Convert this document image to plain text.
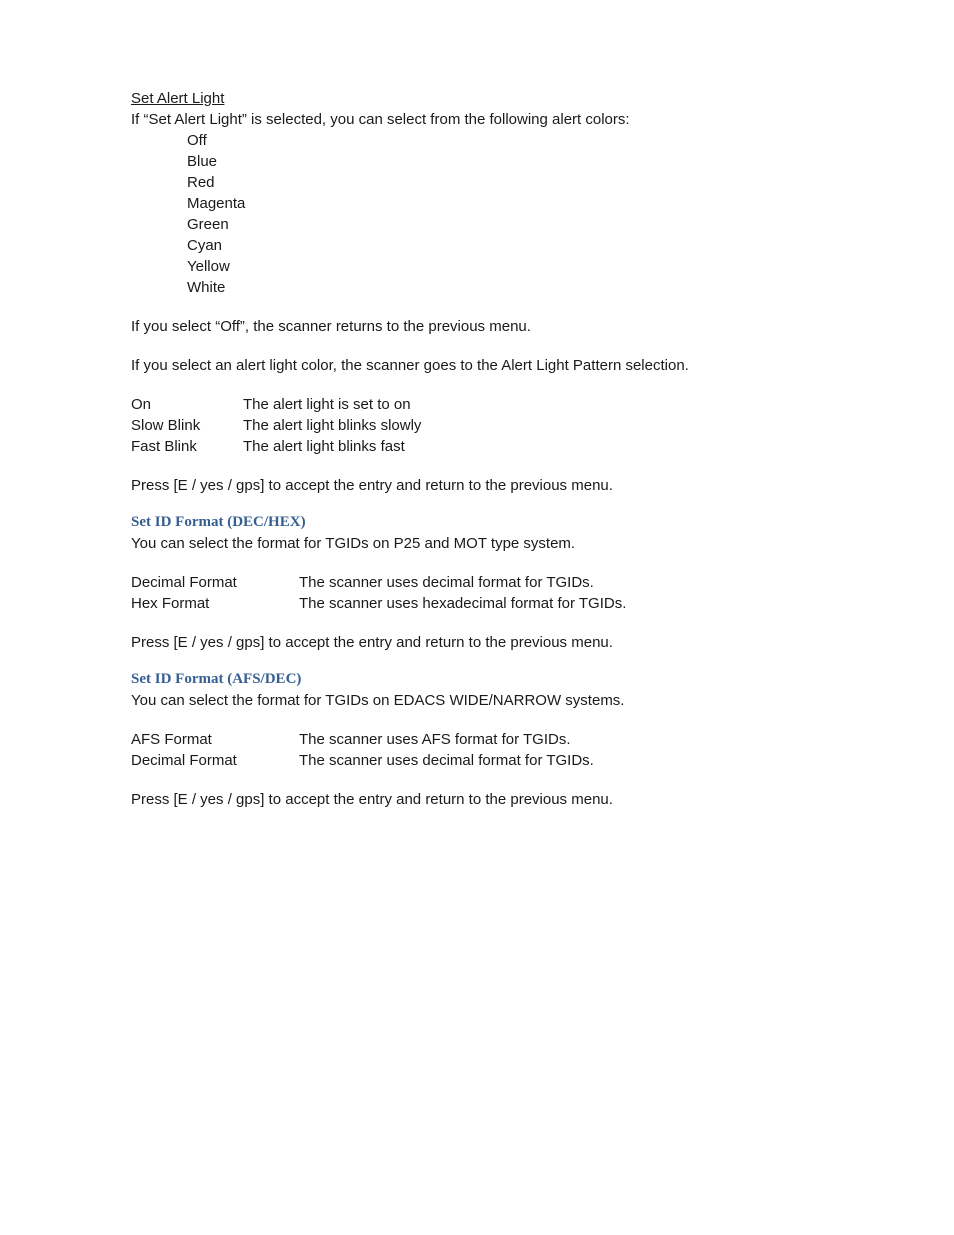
Set Alert Light
If “Set Alert Light” is selected, you can select from the following alert colors:
Off
Blue
Red
Magenta
Green
Cyan
Yellow
White
If you select “Off”, the scanner returns to the previous menu.
If you select an alert light color, the scanner goes to the Alert Light Pattern selection.
On	The alert light is set to on
Slow Blink	The alert light blinks slowly
Fast Blink	The alert light blinks fast
Press [E / yes / gps] to accept the entry and return to the previous menu.
Set ID Format (DEC/HEX)
You can select the format for TGIDs on P25 and MOT type system.
Decimal Format	The scanner uses decimal format for TGIDs.
Hex Format	The scanner uses hexadecimal format for TGIDs.
Press [E / yes / gps] to accept the entry and return to the previous menu.
Set ID Format (AFS/DEC)
You can select the format for TGIDs on EDACS WIDE/NARROW systems.
AFS Format	The scanner uses AFS format for TGIDs.
Decimal Format	The scanner uses decimal format for TGIDs.
Press [E / yes / gps] to accept the entry and return to the previous menu.
